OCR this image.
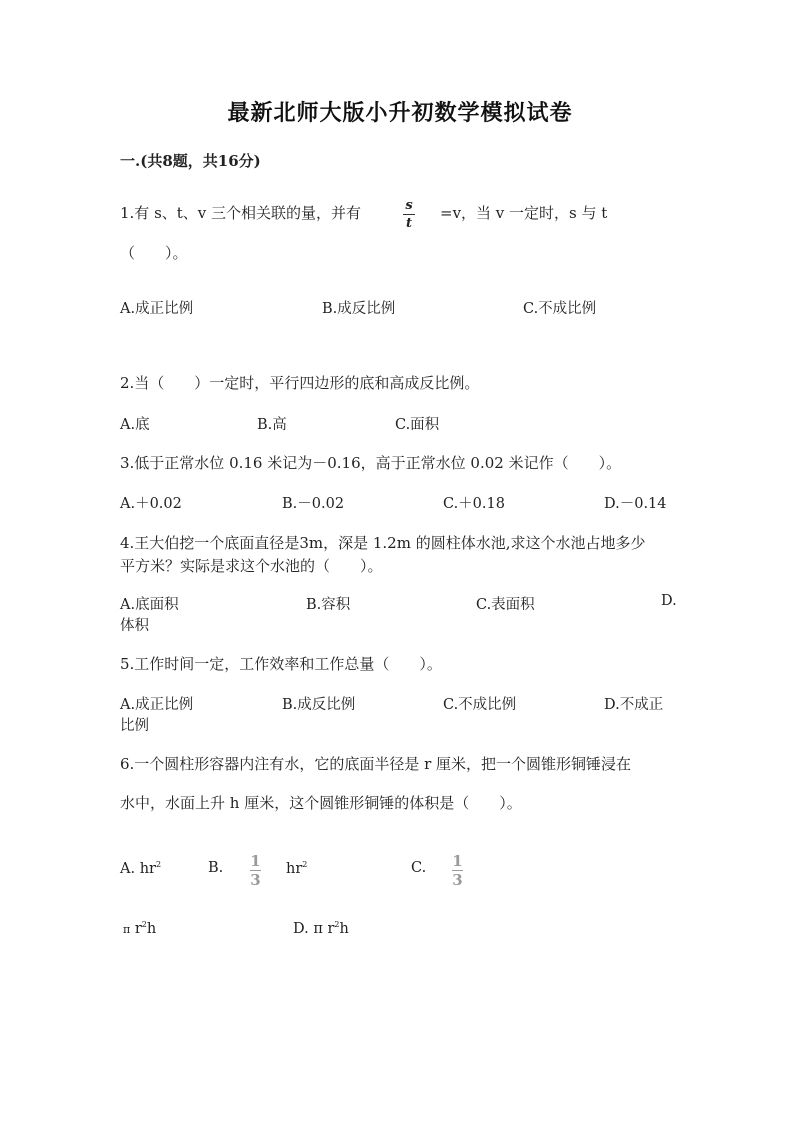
最新北师大版小升初数学模拟试卷
一.(共8题，共16分)
1.有 s、t、v 三个相关联的量，并有	s
t
=v，当 v 一定时，s 与 t
（　　）。
A.成正比例	B.成反比例	C.不成比例
2.当（　　）一定时，平行四边形的底和高成反比例。
A.底	B.高	C.面积
3.低于正常水位 0.16 米记为－0.16，高于正常水位 0.02 米记作（　　）。
A.＋0.02	B.－0.02	C.＋0.18	D.－0.14
4.王大伯挖一个底面直径是3m，深是 1.2m 的圆柱体水池,求这个水池占地多少
平方米？实际是求这个水池的（　　）。
A.底面积	B.容积	C.表面积	D.
体积
5.工作时间一定，工作效率和工作总量（　　）。
A.成正比例	B.成反比例	C.不成比例	D.不成正
比例
6.一个圆柱形容器内注有水，它的底面半径是 r 厘米，把一个圆锥形铜锤浸在
水中，水面上升 h 厘米，这个圆锥形铜锤的体积是（　　）。
A. $hr^2$	B. 1
3
$hr^2$	C. 1
3
π $r^2h$	D. π $r^2h$
